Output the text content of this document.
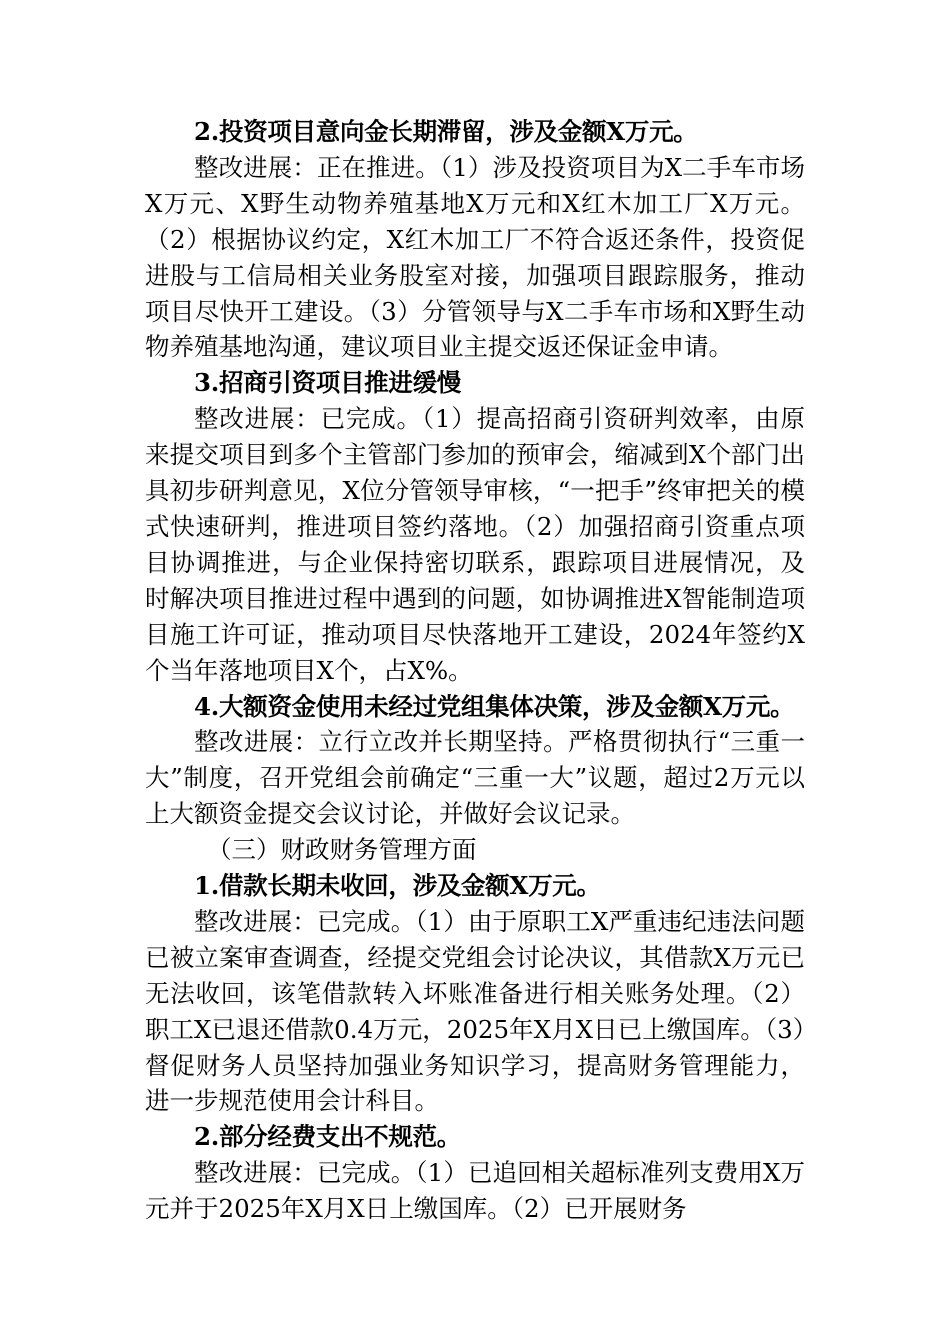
2.投资项目意向金长期滞留，涉及金额X万元。

整改进展：正在推进。（1）涉及投资项目为X二手车市场X万元、X野生动物养殖基地X万元和X红木加工厂X万元。（2）根据协议约定，X红木加工厂不符合返还条件，投资促进股与工信局相关业务股室对接，加强项目跟踪服务，推动项目尽快开工建设。（3）分管领导与X二手车市场和X野生动物养殖基地沟通，建议项目业主提交返还保证金申请。

3.招商引资项目推进缓慢

整改进展：已完成。（1）提高招商引资研判效率，由原来提交项目到多个主管部门参加的预审会，缩减到X个部门出具初步研判意见，X位分管领导审核，“一把手”终审把关的模式快速研判，推进项目签约落地。（2）加强招商引资重点项目协调推进，与企业保持密切联系，跟踪项目进展情况，及时解决项目推进过程中遇到的问题，如协调推进X智能制造项目施工许可证，推动项目尽快落地开工建设，2024年签约X个当年落地项目X个，占X%。

4.大额资金使用未经过党组集体决策，涉及金额X万元。

整改进展：立行立改并长期坚持。严格贯彻执行“三重一大”制度，召开党组会前确定“三重一大”议题，超过2万元以上大额资金提交会议讨论，并做好会议记录。

（三）财政财务管理方面

1.借款长期未收回，涉及金额X万元。

整改进展：已完成。（1）由于原职工X严重违纪违法问题已被立案审查调查，经提交党组会讨论决议，其借款X万元已无法收回，该笔借款转入坏账准备进行相关账务处理。（2）职工X已退还借款0.4万元，2025年X月X日已上缴国库。（3）督促财务人员坚持加强业务知识学习，提高财务管理能力，进一步规范使用会计科目。

2.部分经费支出不规范。

整改进展：已完成。（1）已追回相关超标准列支费用X万元并于2025年X月X日上缴国库。（2）已开展财务
